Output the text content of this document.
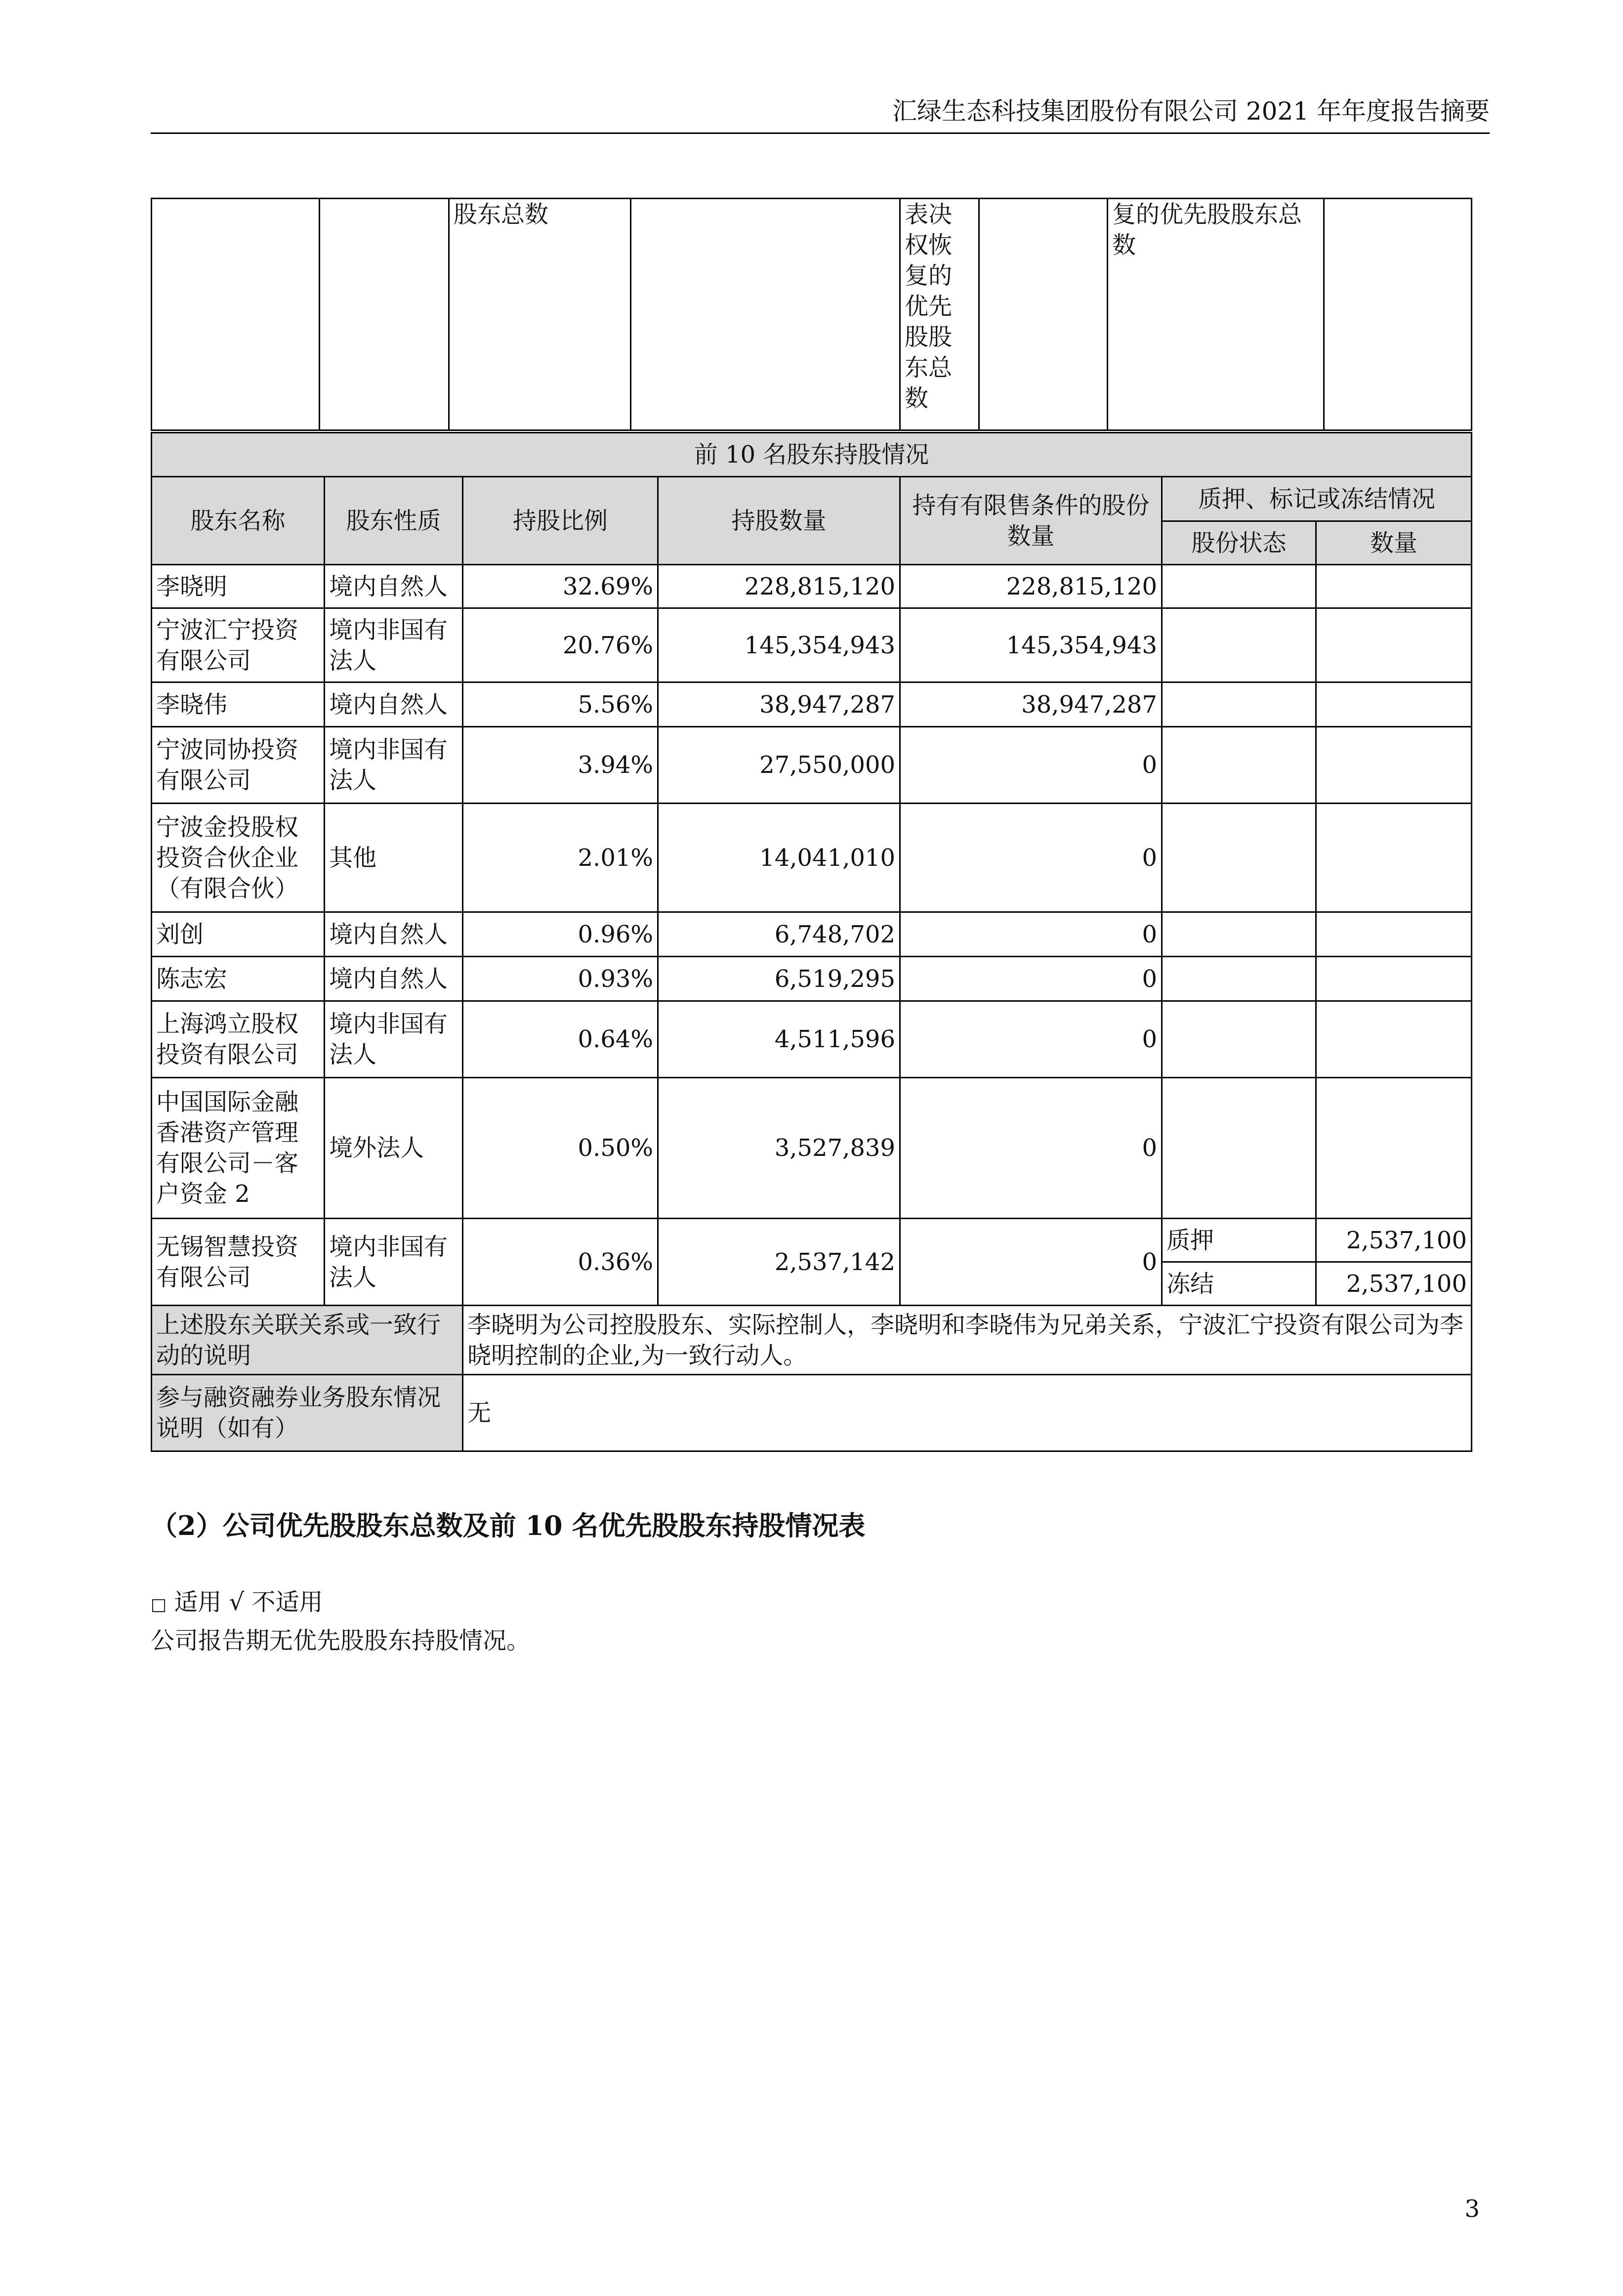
汇绿生态科技集团股份有限公司 2021 年年度报告摘要
		股东总数		表决权恢复的优先股股东总数		复的优先股股东总数	
前 10 名股东持股情况						
股东名称	股东性质	持股比例	持股数量	持有有限售条件的股份数量	质押、标记或冻结情况	
					股份状态	数量
李晓明	境内自然人	32.69%	228,815,120	228,815,120		
宁波汇宁投资有限公司	境内非国有法人	20.76%	145,354,943	145,354,943		
李晓伟	境内自然人	5.56%	38,947,287	38,947,287		
宁波同协投资有限公司	境内非国有法人	3.94%	27,550,000	0		
宁波金投股权投资合伙企业（有限合伙）	其他	2.01%	14,041,010	0		
刘创	境内自然人	0.96%	6,748,702	0		
陈志宏	境内自然人	0.93%	6,519,295	0		
上海鸿立股权投资有限公司	境内非国有法人	0.64%	4,511,596	0		
中国国际金融香港资产管理有限公司－客户资金 2	境外法人	0.50%	3,527,839	0		
无锡智慧投资有限公司	境内非国有法人	0.36%	2,537,142	0	质押	2,537,100
					冻结	2,537,100
上述股东关联关系或一致行动的说明		李晓明为公司控股股东、实际控制人，李晓明和李晓伟为兄弟关系，宁波汇宁投资有限公司为李晓明控制的企业,为一致行动人。				
参与融资融券业务股东情况说明（如有）		无				
（2）公司优先股股东总数及前 10 名优先股股东持股情况表
□ 适用 √ 不适用
公司报告期无优先股股东持股情况。
3
